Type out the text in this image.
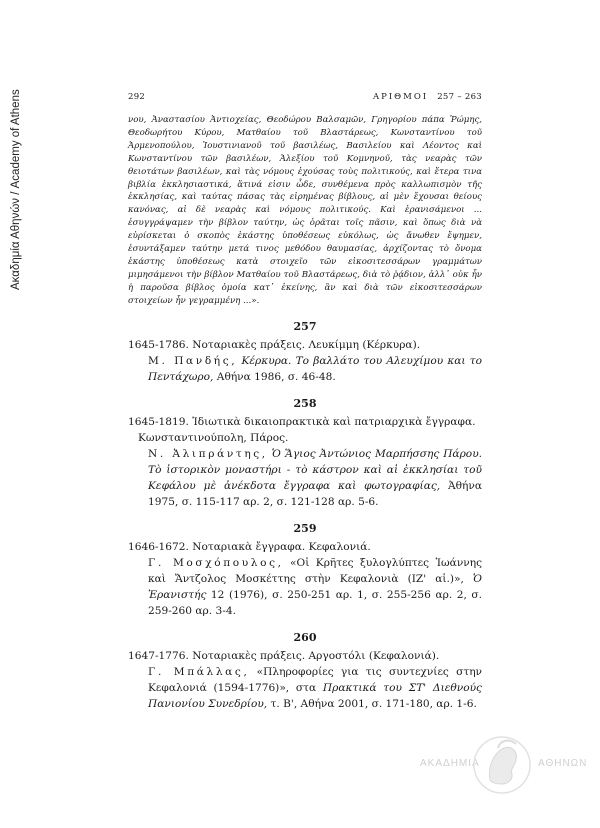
Ακαδημία Αθηνών / Academy of Athens	292	ΑΡΙΘΜΟΙ 257 – 263
νου, Ἀναστασίου Ἀντιοχείας, Θεοδώρου Βαλσαμῶν, Γρηγορίου πάπα Ῥώμης, Θεοδωρήτου Κύρου, Ματθαίου τοῦ Βλαστάρεως, Κωνσταντίνου τοῦ Ἀρμενοπούλου, Ἰουστινιανοῦ τοῦ βασιλέως, Βασιλείου καὶ Λέοντος καὶ Κωνσταντίνου τῶν βασιλέων, Ἀλεξίου τοῦ Κομνηνοῦ, τὰς νεαρὰς τῶν θειοτάτων βασιλέων, καὶ τὰς νόμους ἐχούσας τοὺς πολιτικούς, καὶ ἕτερα τινα βιβλία ἐκκλησιαστικά, ἅτινά εἰσιν ὧδε, συνθέμενα πρὸς καλλωπισμὸν τῆς ἐκκλησίας, καὶ ταύτας πάσας τὰς εἰρημένας βίβλους, αἱ μὲν ἔχουσαι θείους κανόνας, αἱ δὲ νεαρὰς καὶ νόμους πολιτικούς. Καὶ ἐρανισάμενοι ... ἐσυγγράψαμεν τὴν βίβλον ταύτην, ὡς ὁρᾶται τοῖς πᾶσιν, καὶ ὅπως διὰ νὰ εὑρίσκεται ὁ σκοπὸς ἑκάστης ὑποθέσεως εὐκόλως, ὡς ἄνωθεν ἔψημεν, ἐσυντάξαμεν ταύτην μετά τινος μεθόδου θαυμασίας, ἀρχίζοντας τὸ ὄνομα ἑκάστης ὑποθέσεως κατὰ στοιχεῖο τῶν εἰκοσιτεσσάρων γραμμάτων μιμησάμενοι τὴν βίβλον Ματθαίου τοῦ Βλαστάρεως, διὰ τὸ ῥᾴδιον, ἀλλ᾽ οὐκ ἦν ἡ παροῦσα βίβλος ὁμοία κατ᾽ ἐκείνης, ἂν καὶ διὰ τῶν εἰκοσιτεσσάρων στοιχείων ἦν γεγραμμένη ...».
257
1645-1786. Νοταριακὲς πράξεις. Λευκίμμη (Κέρκυρα).
Μ. Πανδής, Κέρκυρα. Το βαλλάτο του Αλευχίμου και το Πεντάχωρο, Αθήνα 1986, σ. 46-48.
258
1645-1819. Ἰδιωτικὰ δικαιοπρακτικὰ καὶ πατριαρχικὰ ἔγγραφα. Κωνσταντινούπολη, Πάρος.
Ν. Ἀλιπράντης, Ὁ Ἅγιος Ἀντώνιος Μαρπήσσης Πάρου. Τὸ ἰστορικὸν μοναστήρι - τὸ κάστρον καὶ αἱ ἐκκλησίαι τοῦ Κεφάλου μὲ ἀνέκδοτα ἔγγραφα καὶ φωτογραφίας, Ἀθήνα 1975, σ. 115-117 αρ. 2, σ. 121-128 αρ. 5-6.
259
1646-1672. Νοταριακὰ ἔγγραφα. Κεφαλονιά.
Γ. Μοσχόπουλος, «Οἱ Κρῆτες ξυλογλύπτες Ἰωάννης καὶ Ἄντζολος Μοσκέττης στὴν Κεφαλονιὰ (ΙΖ' αἰ.)», Ὁ Ἐρανιστής 12 (1976), σ. 250-251 αρ. 1, σ. 255-256 αρ. 2, σ. 259-260 αρ. 3-4.
260
1647-1776. Νοταριακὲς πράξεις. Αργοστόλι (Κεφαλονιά).
Γ. Μπάλλας, «Πληροφορίες για τις συντεχνίες στην Κεφαλονιά (1594-1776)», στα Πρακτικά του ΣΤ' Διεθνούς Πανιονίου Συνεδρίου, τ. Β', Αθήνα 2001, σ. 171-180, αρ. 1-6.
ΑΚΑΔΗΜΙΑ	ΑΘΗΝΩΝ
